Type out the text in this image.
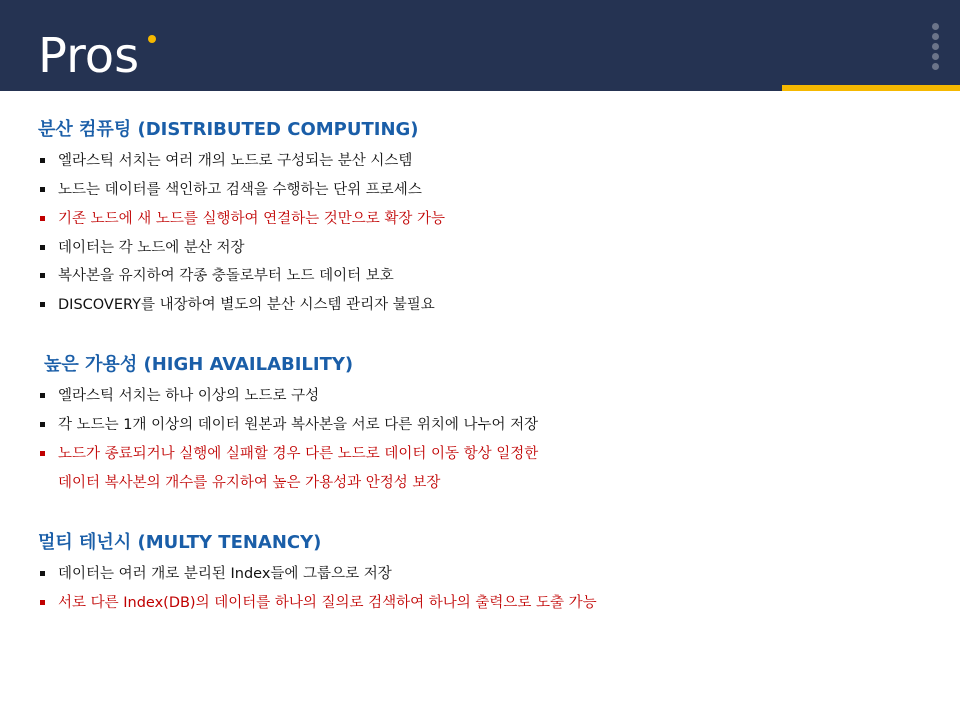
Pros
분산 컴퓨팅 (DISTRIBUTED COMPUTING)
엘라스틱 서치는 여러 개의 노드로 구성되는 분산 시스템
노드는 데이터를 색인하고 검색을 수행하는 단위 프로세스
기존 노드에 새 노드를 실행하여 연결하는 것만으로 확장 가능
데이터는 각 노드에 분산 저장
복사본을 유지하여 각종 충돌로부터 노드 데이터 보호
DISCOVERY를 내장하여 별도의 분산 시스템 관리자 불필요
높은 가용성 (HIGH AVAILABILITY)
엘라스틱 서치는 하나 이상의 노드로 구성
각 노드는 1개 이상의 데이터 원본과 복사본을 서로 다른 위치에 나누어 저장
노드가 종료되거나 실행에 실패할 경우 다른 노드로 데이터 이동 항상 일정한
데이터 복사본의 개수를 유지하여 높은 가용성과 안정성 보장
멀티 테넌시 (MULTY TENANCY)
데이터는 여러 개로 분리된 Index들에 그룹으로 저장
서로 다른 Index(DB)의 데이터를 하나의 질의로 검색하여 하나의 출력으로 도출 가능
